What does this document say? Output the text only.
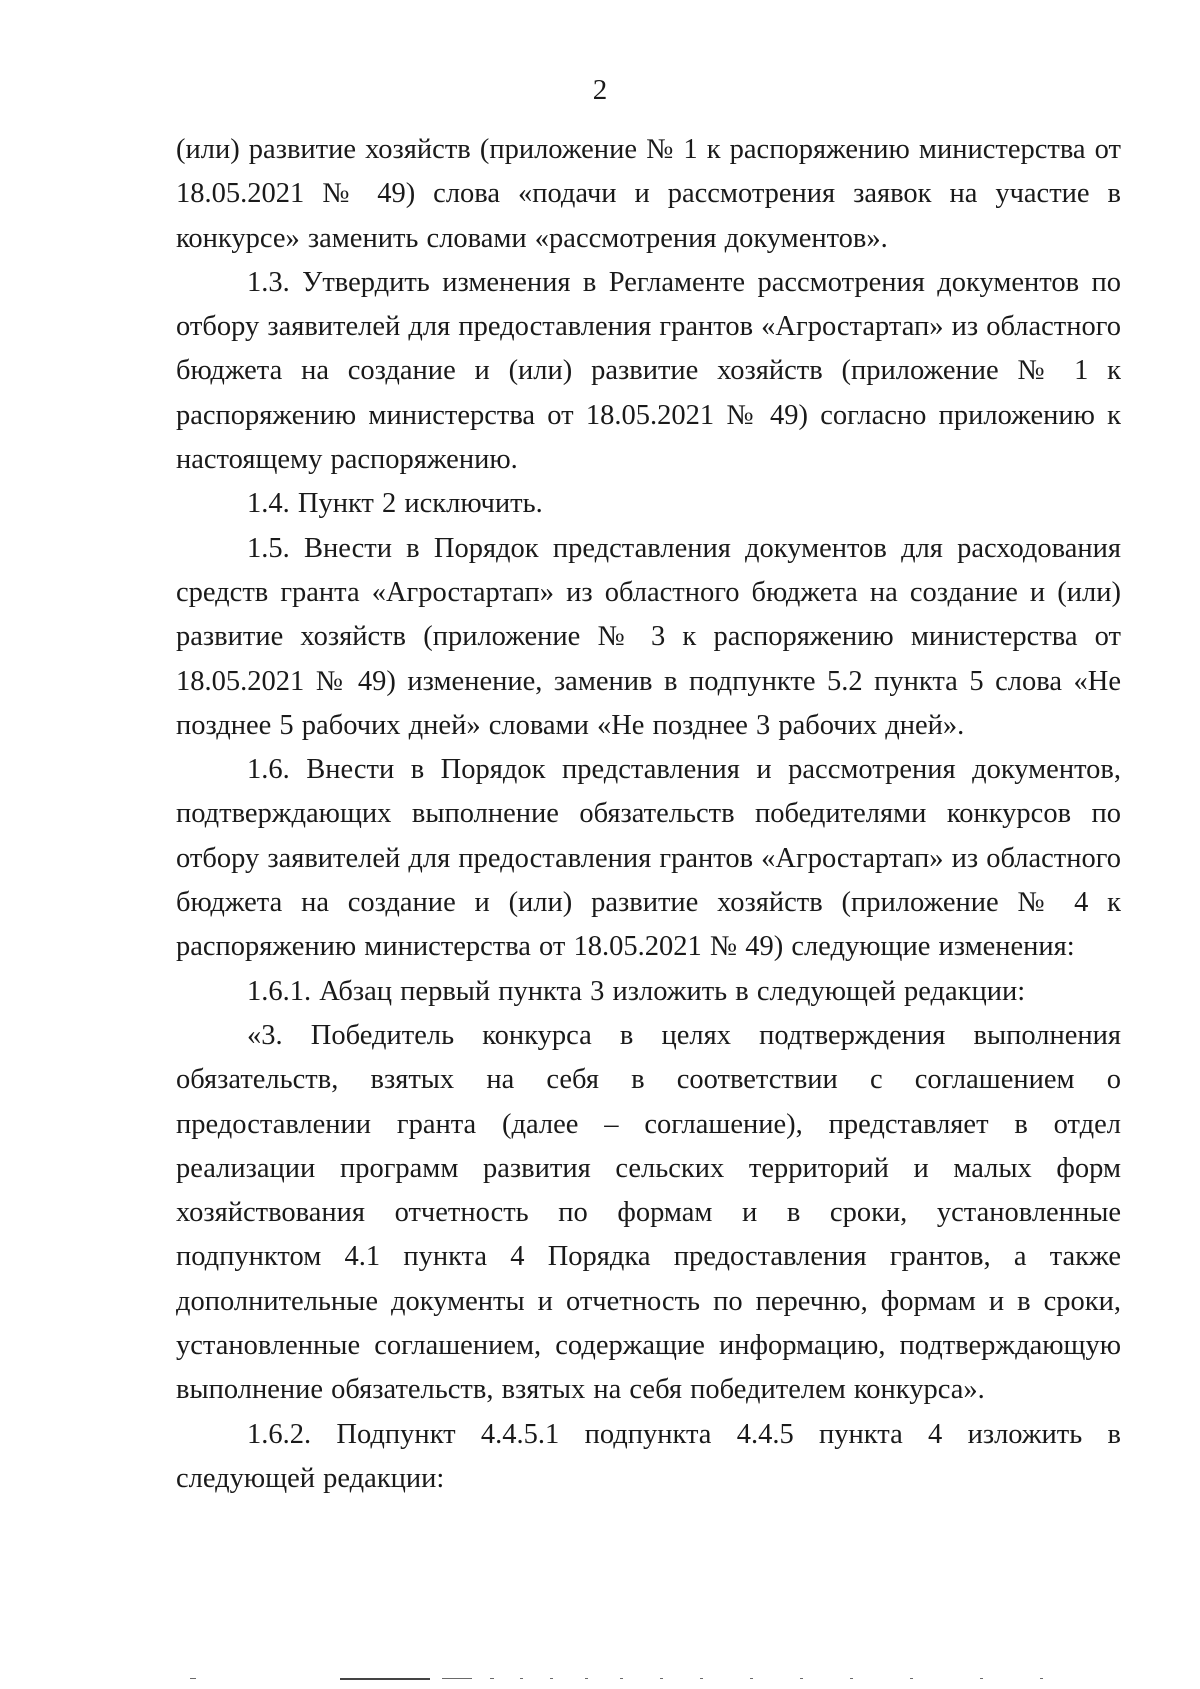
2

(или) развитие хозяйств (приложение № 1 к распоряжению министерства от 18.05.2021 № 49) слова «подачи и рассмотрения заявок на участие в конкурсе» заменить словами «рассмотрения документов».

1.3. Утвердить изменения в Регламенте рассмотрения документов по отбору заявителей для предоставления грантов «Агростартап» из областного бюджета на создание и (или) развитие хозяйств (приложение № 1 к распоряжению министерства от 18.05.2021 № 49) согласно приложению к настоящему распоряжению.

1.4. Пункт 2 исключить.

1.5. Внести в Порядок представления документов для расходования средств гранта «Агростартап» из областного бюджета на создание и (или) развитие хозяйств (приложение № 3 к распоряжению министерства от 18.05.2021 № 49) изменение, заменив в подпункте 5.2 пункта 5 слова «Не позднее 5 рабочих дней» словами «Не позднее 3 рабочих дней».

1.6. Внести в Порядок представления и рассмотрения документов, подтверждающих выполнение обязательств победителями конкурсов по отбору заявителей для предоставления грантов «Агростартап» из областного бюджета на создание и (или) развитие хозяйств (приложение № 4 к распоряжению министерства от 18.05.2021 № 49) следующие изменения:

1.6.1. Абзац первый пункта 3 изложить в следующей редакции:

«3. Победитель конкурса в целях подтверждения выполнения обязательств, взятых на себя в соответствии с соглашением о предоставлении гранта (далее – соглашение), представляет в отдел реализации программ развития сельских территорий и малых форм хозяйствования отчетность по формам и в сроки, установленные подпунктом 4.1 пункта 4 Порядка предоставления грантов, а также дополнительные документы и отчетность по перечню, формам и в сроки, установленные соглашением, содержащие информацию, подтверждающую выполнение обязательств, взятых на себя победителем конкурса».

1.6.2. Подпункт 4.4.5.1 подпункта 4.4.5 пункта 4 изложить в следующей редакции:
